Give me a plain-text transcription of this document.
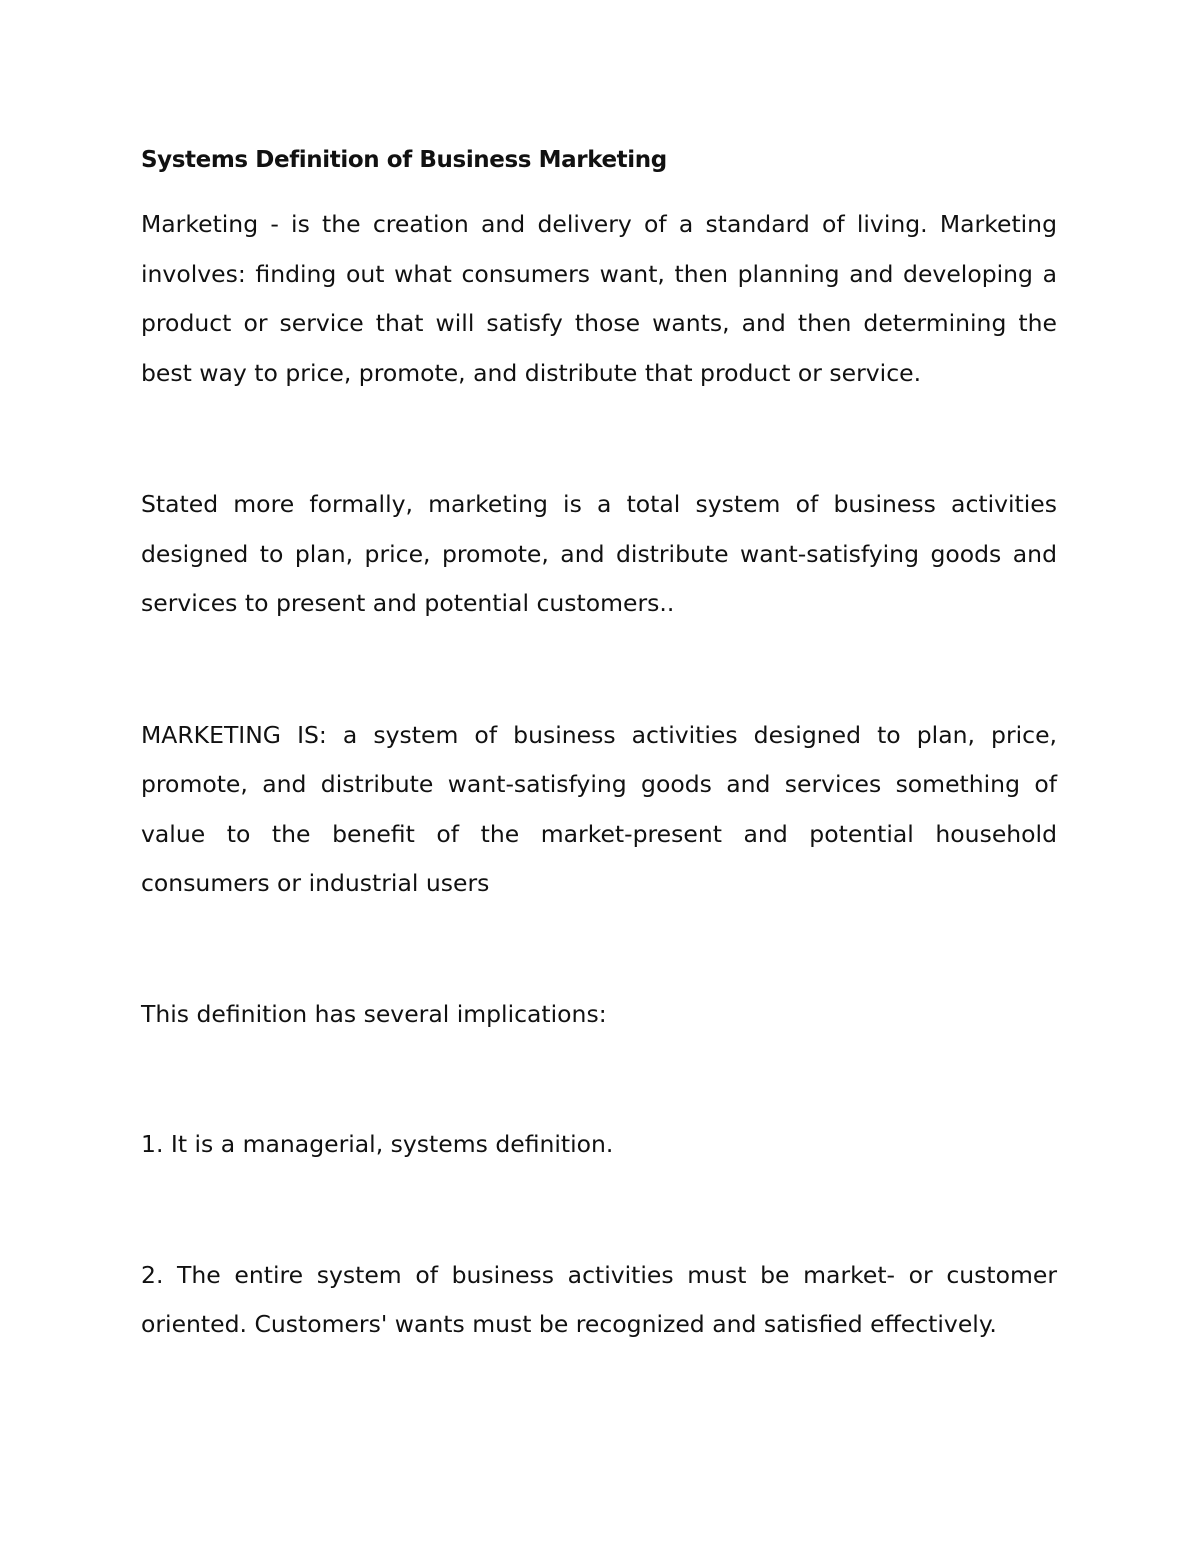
Systems Definition of Business Marketing

Marketing - is the creation and delivery of a standard of living. Marketing involves: finding out what consumers want, then planning and developing a product or service that will satisfy those wants, and then determining the best way to price, promote, and distribute that product or service.

Stated more formally, marketing is a total system of business activities designed to plan, price, promote, and distribute want-satisfying goods and services to present and potential customers..

MARKETING IS: a system of business activities designed to plan, price, promote, and distribute want-satisfying goods and services something of value to the benefit of the market-present and potential household consumers or industrial users

This definition has several implications:

1. It is a managerial, systems definition.

2. The entire system of business activities must be market- or customer oriented. Customers' wants must be recognized and satisfied effectively.
